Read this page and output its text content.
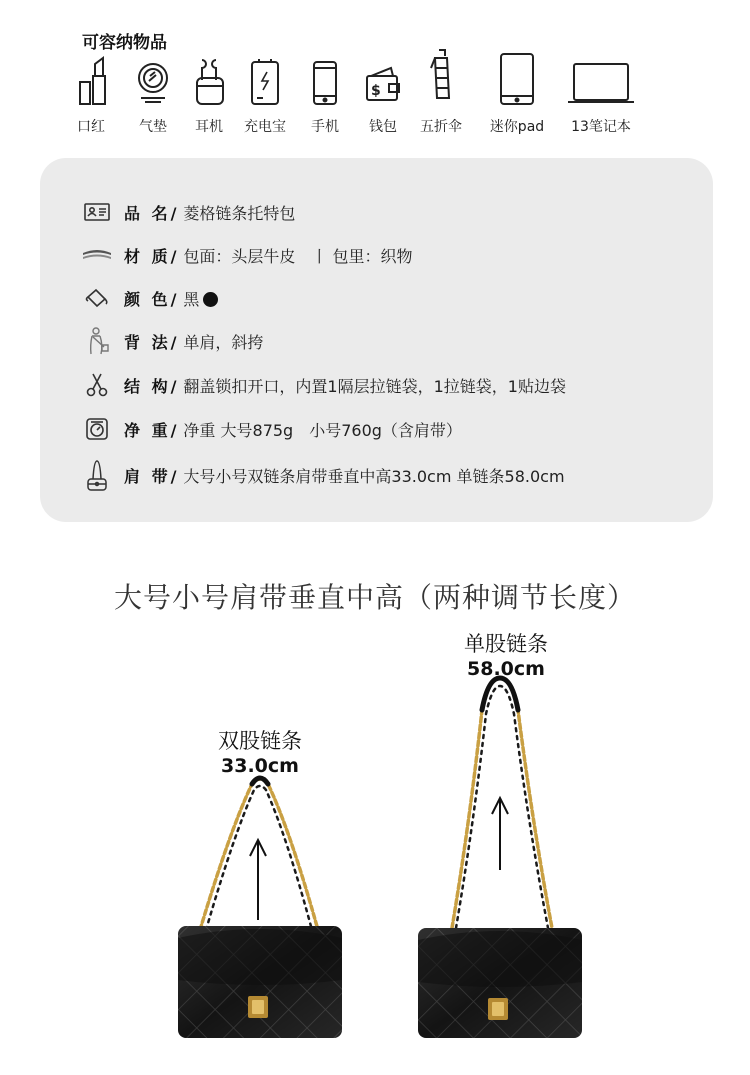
可容纳物品
口红	气垫	耳机	充电宝	手机
$
钱包	五折伞	迷你pad	13笔记本
品 名/ 菱格链条托特包
材 质/ 包面：头层牛皮　丨 包里：织物
颜 色/ 黑
背 法/ 单肩，斜挎
结 构/ 翻盖锁扣开口，内置1隔层拉链袋，1拉链袋，1贴边袋
净 重/ 净重 大号875g　小号760g（含肩带）
肩 带/ 大号小号双链条肩带垂直中高33.0cm 单链条58.0cm
大号小号肩带垂直中高（两种调节长度）
双股链条
33.0cm
单股链条
58.0cm
